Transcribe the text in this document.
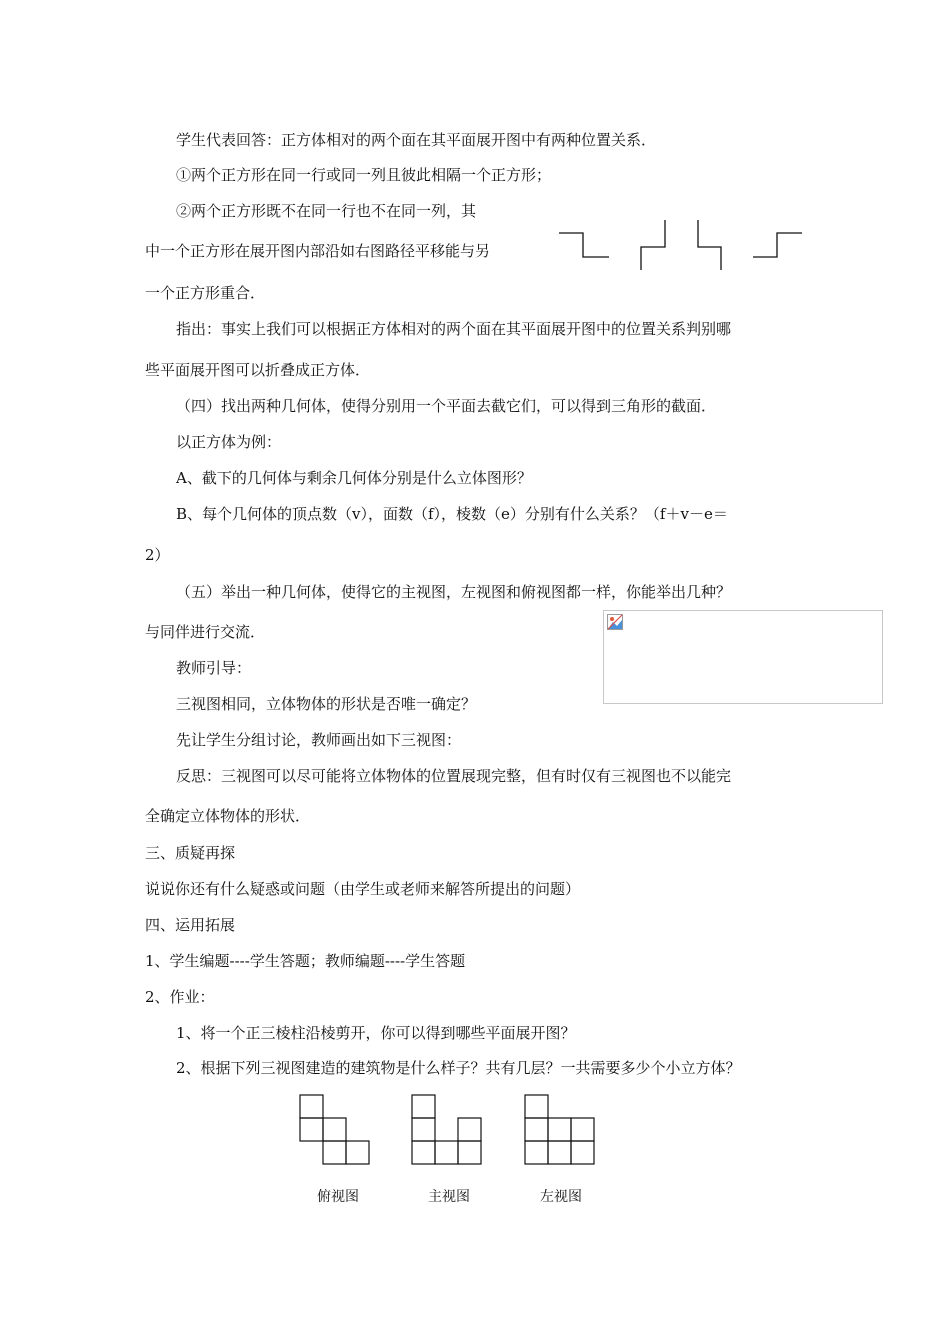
学生代表回答：正方体相对的两个面在其平面展开图中有两种位置关系．
①两个正方形在同一行或同一列且彼此相隔一个正方形；
②两个正方形既不在同一行也不在同一列，其
中一个正方形在展开图内部沿如右图路径平移能与另
一个正方形重合．
指出：事实上我们可以根据正方体相对的两个面在其平面展开图中的位置关系判别哪
些平面展开图可以折叠成正方体．
（四）找出两种几何体，使得分别用一个平面去截它们，可以得到三角形的截面．
以正方体为例：
A、截下的几何体与剩余几何体分别是什么立体图形？
B、每个几何体的顶点数（v），面数（f），棱数（e）分别有什么关系？（f＋v－e＝
2）
（五）举出一种几何体，使得它的主视图，左视图和俯视图都一样，你能举出几种？
与同伴进行交流．
教师引导：
三视图相同，立体物体的形状是否唯一确定？
先让学生分组讨论，教师画出如下三视图：
反思：三视图可以尽可能将立体物体的位置展现完整，但有时仅有三视图也不以能完
全确定立体物体的形状．
三、质疑再探
说说你还有什么疑惑或问题（由学生或老师来解答所提出的问题）
四、运用拓展
1、学生编题----学生答题；教师编题----学生答题
2、作业：
1、将一个正三棱柱沿棱剪开，你可以得到哪些平面展开图？
2、根据下列三视图建造的建筑物是什么样子？共有几层？一共需要多少个小立方体？
俯视图	主视图	左视图
